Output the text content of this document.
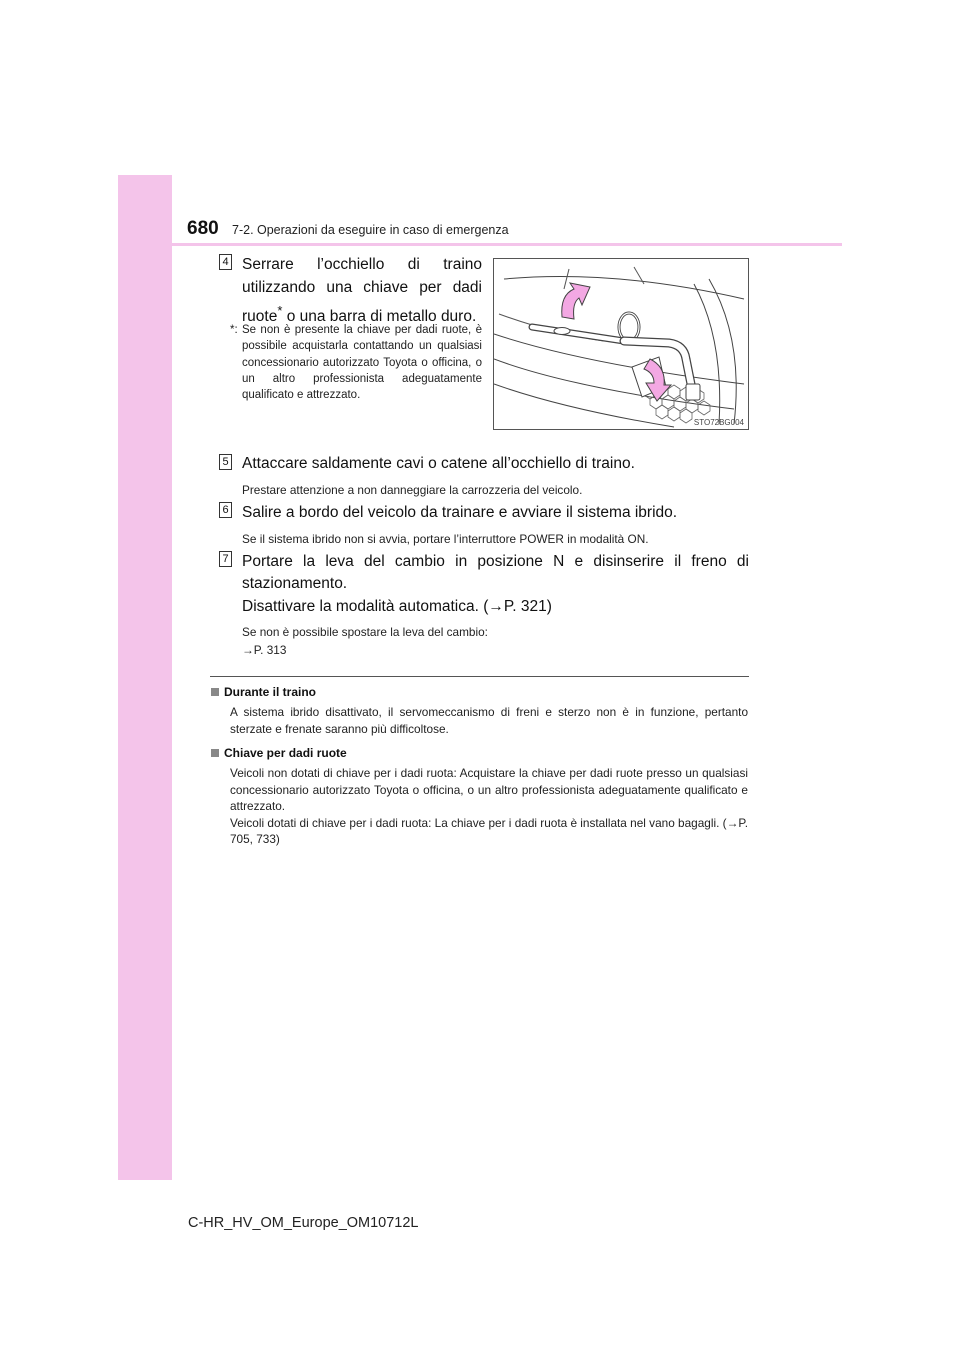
680 7-2. Operazioni da eseguire in caso di emergenza
4 Serrare l’occhiello di traino utilizzando una chiave per dadi ruote* o una barra di metallo duro.
*: Se non è presente la chiave per dadi ruote, è possibile acquistarla contattando un qualsiasi concessionario autorizzato Toyota o officina, o un altro professionista adeguatamente qualificato e attrezzato.
STO72BG004
5 Attaccare saldamente cavi o catene all’occhiello di traino.
Prestare attenzione a non danneggiare la carrozzeria del veicolo.
6 Salire a bordo del veicolo da trainare e avviare il sistema ibrido.
Se il sistema ibrido non si avvia, portare l’interruttore POWER in modalità ON.
7 Portare la leva del cambio in posizione N e disinserire il freno di stazionamento.
Disattivare la modalità automatica. (→P. 321)
Se non è possibile spostare la leva del cambio:
→P. 313
Durante il traino
A sistema ibrido disattivato, il servomeccanismo di freni e sterzo non è in funzione, pertanto sterzate e frenate saranno più difficoltose.
Chiave per dadi ruote
Veicoli non dotati di chiave per i dadi ruota: Acquistare la chiave per dadi ruote presso un qualsiasi concessionario autorizzato Toyota o officina, o un altro professionista adeguatamente qualificato e attrezzato.
Veicoli dotati di chiave per i dadi ruota: La chiave per i dadi ruota è installata nel vano bagagli. (→P. 705, 733)
C-HR_HV_OM_Europe_OM10712L
